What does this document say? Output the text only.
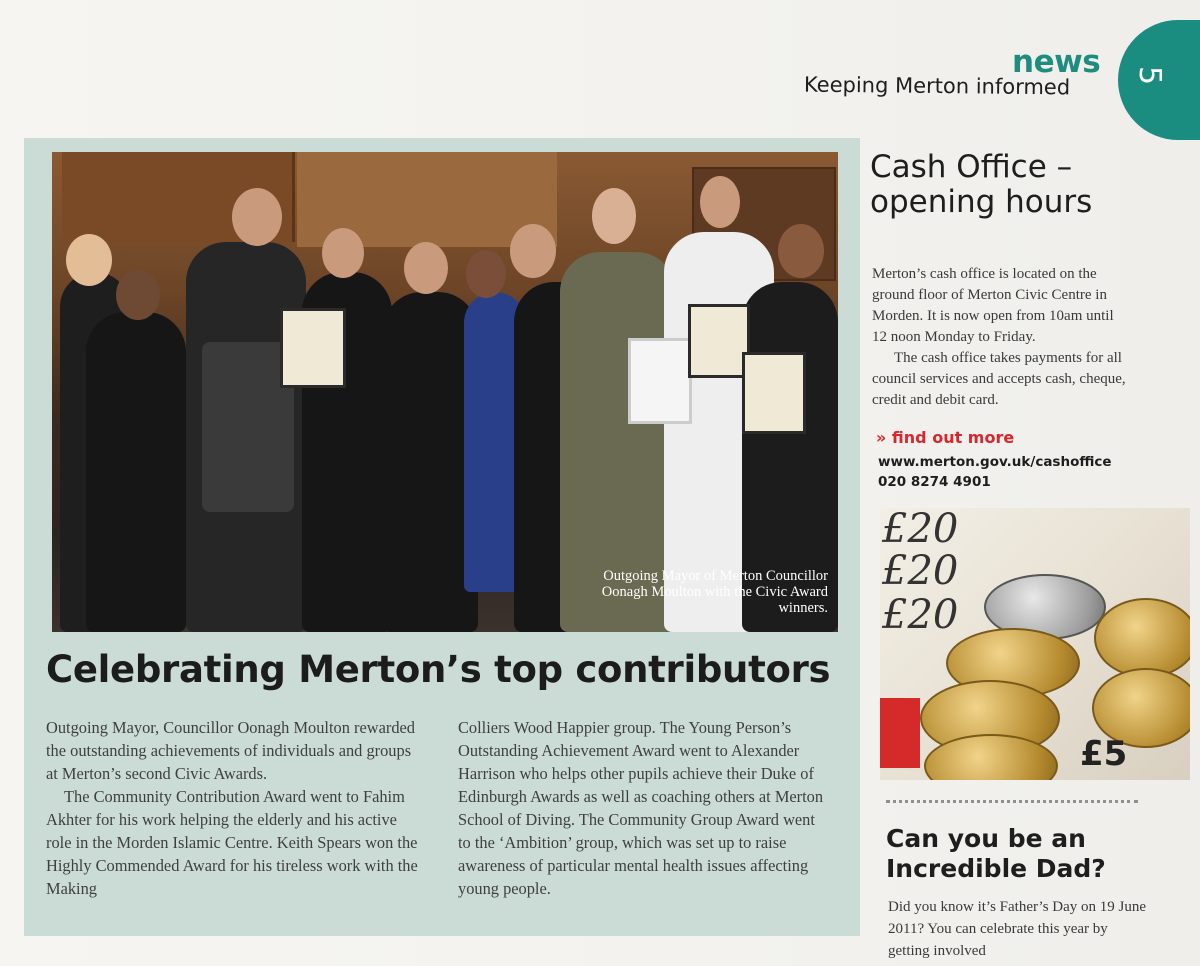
news
Keeping Merton informed 5
Outgoing Mayor of Merton Councillor Oonagh Moulton with the Civic Award winners.
Celebrating Merton’s top contributors

Outgoing Mayor, Councillor Oonagh Moulton rewarded the outstanding achievements of individuals and groups at Merton’s second Civic Awards.

The Community Contribution Award went to Fahim Akhter for his work helping the elderly and his active role in the Morden Islamic Centre. Keith Spears won the Highly Commended Award for his tireless work with the Making

Colliers Wood Happier group. The Young Person’s Outstanding Achievement Award went to Alexander Harrison who helps other pupils achieve their Duke of Edinburgh Awards as well as coaching others at Merton School of Diving. The Community Group Award went to the ‘Ambition’ group, which was set up to raise awareness of particular mental health issues affecting young people.

Cash Office – opening hours

Merton’s cash office is located on the ground floor of Merton Civic Centre in Morden. It is now open from 10am until 12 noon Monday to Friday.

The cash office takes payments for all council services and accepts cash, cheque, credit and debit card.

» find out more
www.merton.gov.uk/cashoffice
020 8274 4901
£20
£20
£20
£5
Can you be an Incredible Dad?
Did you know it’s Father’s Day on 19 June 2011? You can celebrate this year by getting involved
